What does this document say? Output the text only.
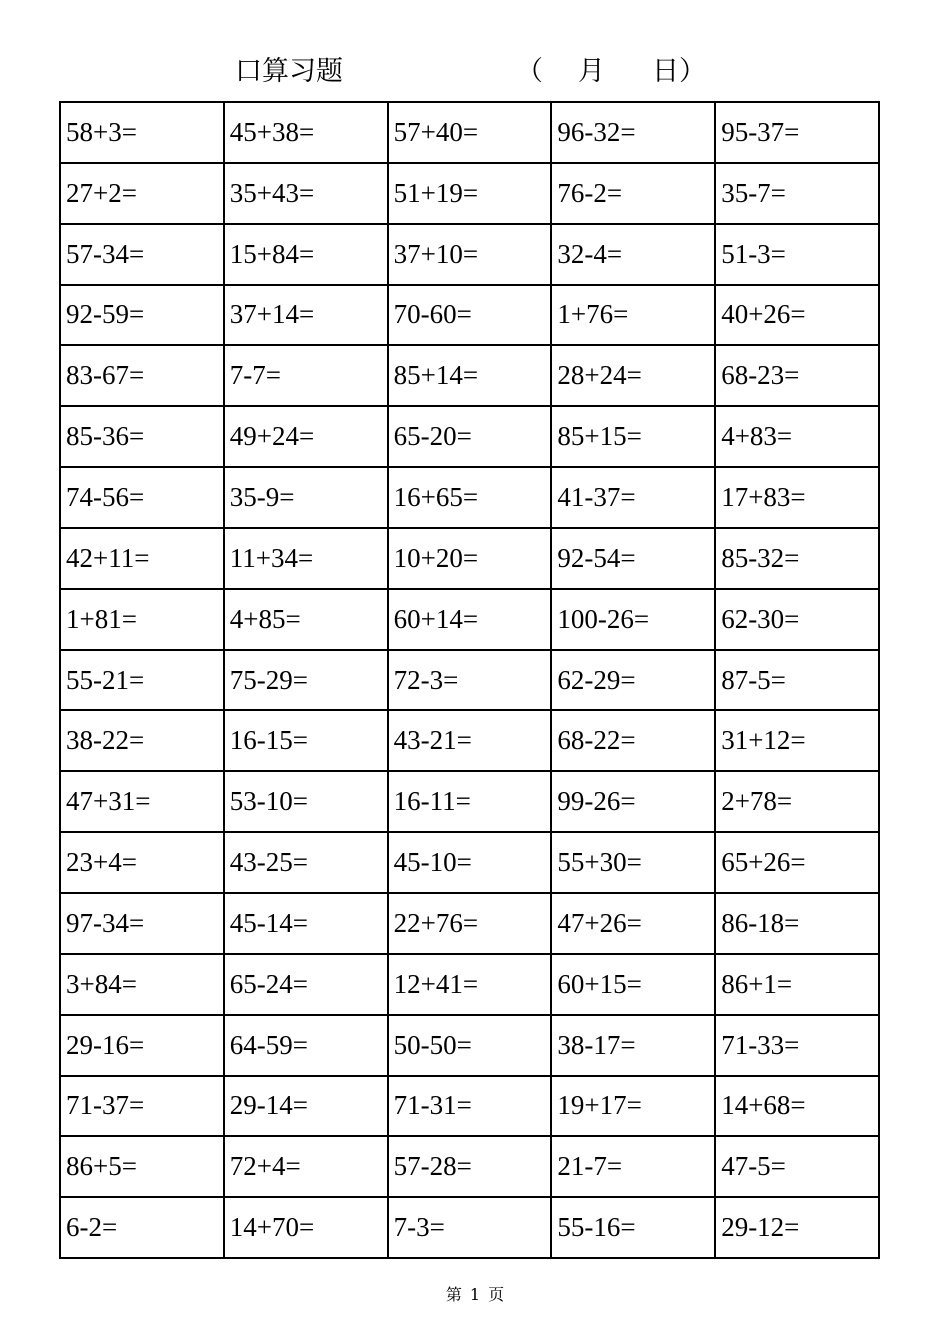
口算习题	（ 月 日）
58+3=	45+38=	57+40=	96-32=	95-37=
27+2=	35+43=	51+19=	76-2=	35-7=
57-34=	15+84=	37+10=	32-4=	51-3=
92-59=	37+14=	70-60=	1+76=	40+26=
83-67=	7-7=	85+14=	28+24=	68-23=
85-36=	49+24=	65-20=	85+15=	4+83=
74-56=	35-9=	16+65=	41-37=	17+83=
42+11=	11+34=	10+20=	92-54=	85-32=
1+81=	4+85=	60+14=	100-26=	62-30=
55-21=	75-29=	72-3=	62-29=	87-5=
38-22=	16-15=	43-21=	68-22=	31+12=
47+31=	53-10=	16-11=	99-26=	2+78=
23+4=	43-25=	45-10=	55+30=	65+26=
97-34=	45-14=	22+76=	47+26=	86-18=
3+84=	65-24=	12+41=	60+15=	86+1=
29-16=	64-59=	50-50=	38-17=	71-33=
71-37=	29-14=	71-31=	19+17=	14+68=
86+5=	72+4=	57-28=	21-7=	47-5=
6-2=	14+70=	7-3=	55-16=	29-12=
第 1 页
